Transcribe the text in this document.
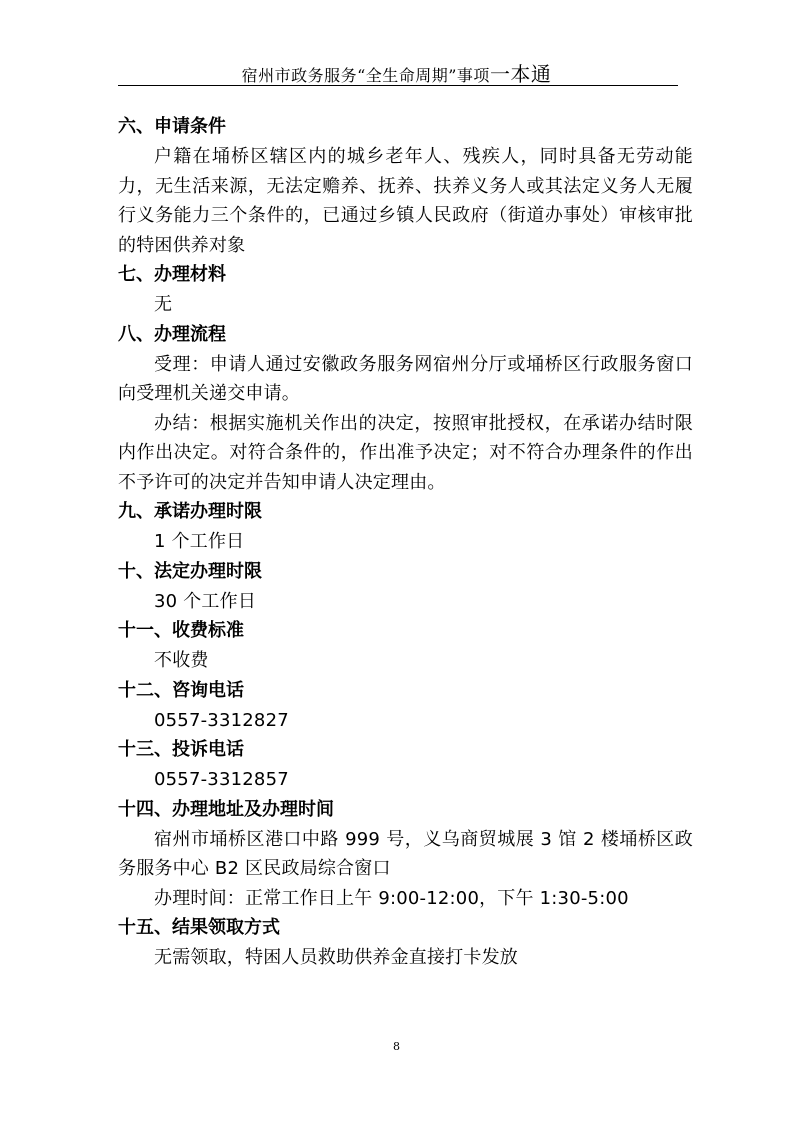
宿州市政务服务“全生命周期”事项一本通
六、申请条件
户籍在埇桥区辖区内的城乡老年人、残疾人，同时具备无劳动能力，无生活来源，无法定赡养、抚养、扶养义务人或其法定义务人无履行义务能力三个条件的，已通过乡镇人民政府（街道办事处）审核审批的特困供养对象
七、办理材料
无
八、办理流程
受理：申请人通过安徽政务服务网宿州分厅或埇桥区行政服务窗口向受理机关递交申请。
办结：根据实施机关作出的决定，按照审批授权，在承诺办结时限内作出决定。对符合条件的，作出准予决定；对不符合办理条件的作出不予许可的决定并告知申请人决定理由。
九、承诺办理时限
1 个工作日
十、法定办理时限
30 个工作日
十一、收费标准
不收费
十二、咨询电话
0557-3312827
十三、投诉电话
0557-3312857
十四、办理地址及办理时间
宿州市埇桥区港口中路 999 号，义乌商贸城展 3 馆 2 楼埇桥区政务服务中心 B2 区民政局综合窗口
办理时间：正常工作日上午 9:00-12:00，下午 1:30-5:00
十五、结果领取方式
无需领取，特困人员救助供养金直接打卡发放
8
